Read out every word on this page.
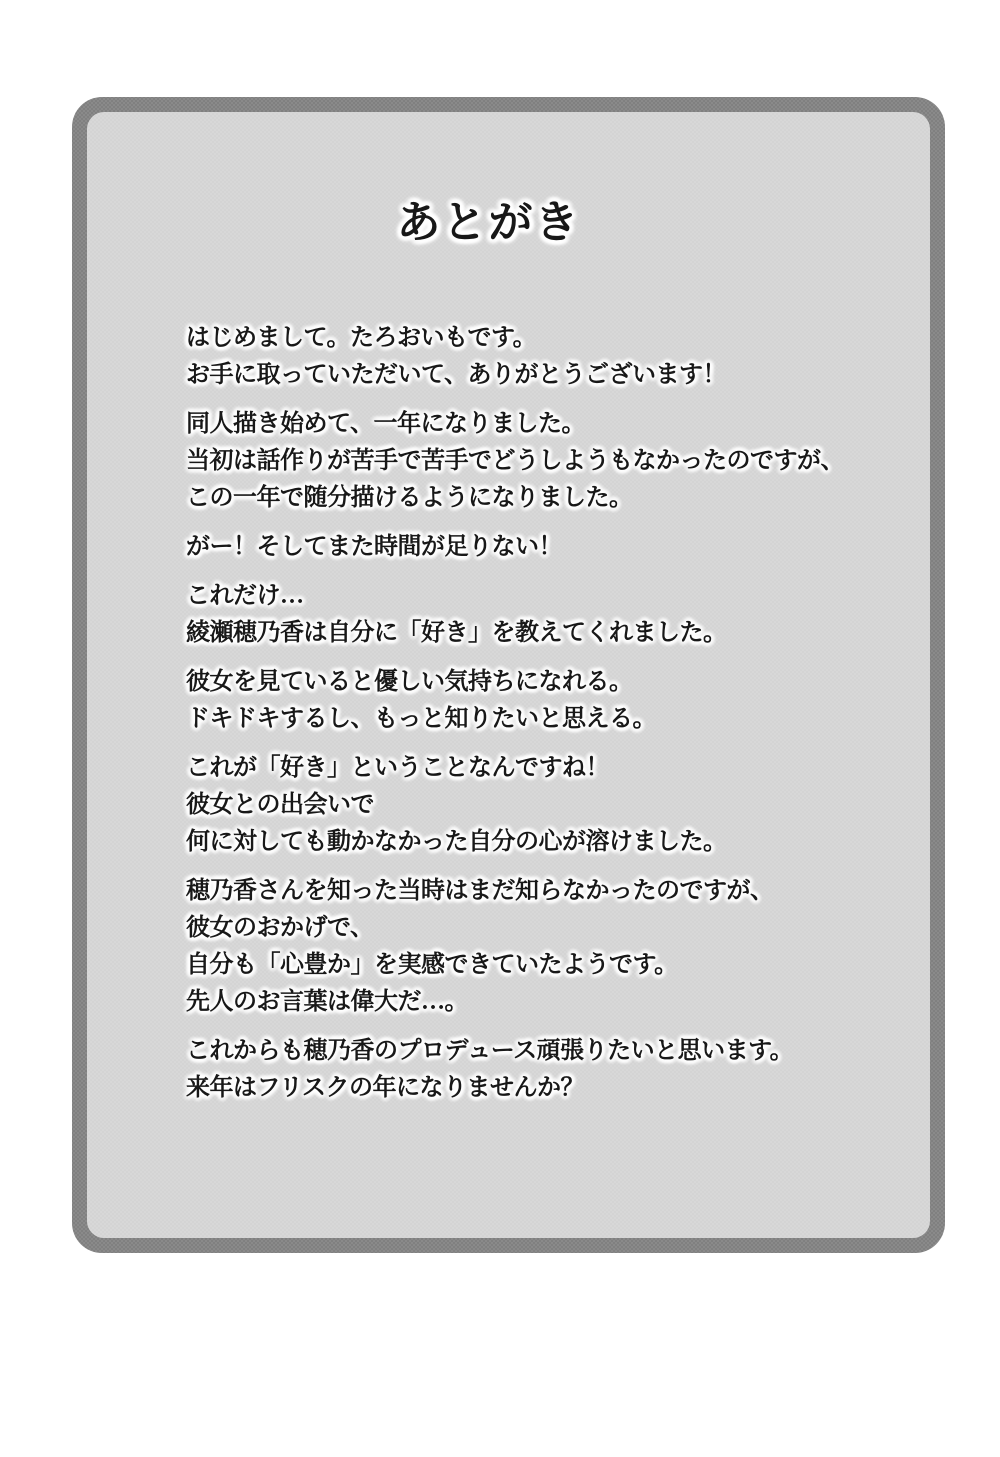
あとがき

はじめまして。たろおいもです。
お手に取っていただいて、ありがとうございます！

同人描き始めて、一年になりました。
当初は話作りが苦手で苦手でどうしようもなかったのですが、
この一年で随分描けるようになりました。

がー！そしてまた時間が足りない！

これだけ…
綾瀬穂乃香は自分に「好き」を教えてくれました。

彼女を見ていると優しい気持ちになれる。
ドキドキするし、もっと知りたいと思える。

これが「好き」ということなんですね！
彼女との出会いで
何に対しても動かなかった自分の心が溶けました。

穂乃香さんを知った当時はまだ知らなかったのですが、
彼女のおかげで、
自分も「心豊か」を実感できていたようです。
先人のお言葉は偉大だ…。

これからも穂乃香のプロデュース頑張りたいと思います。
来年はフリスクの年になりませんか？
